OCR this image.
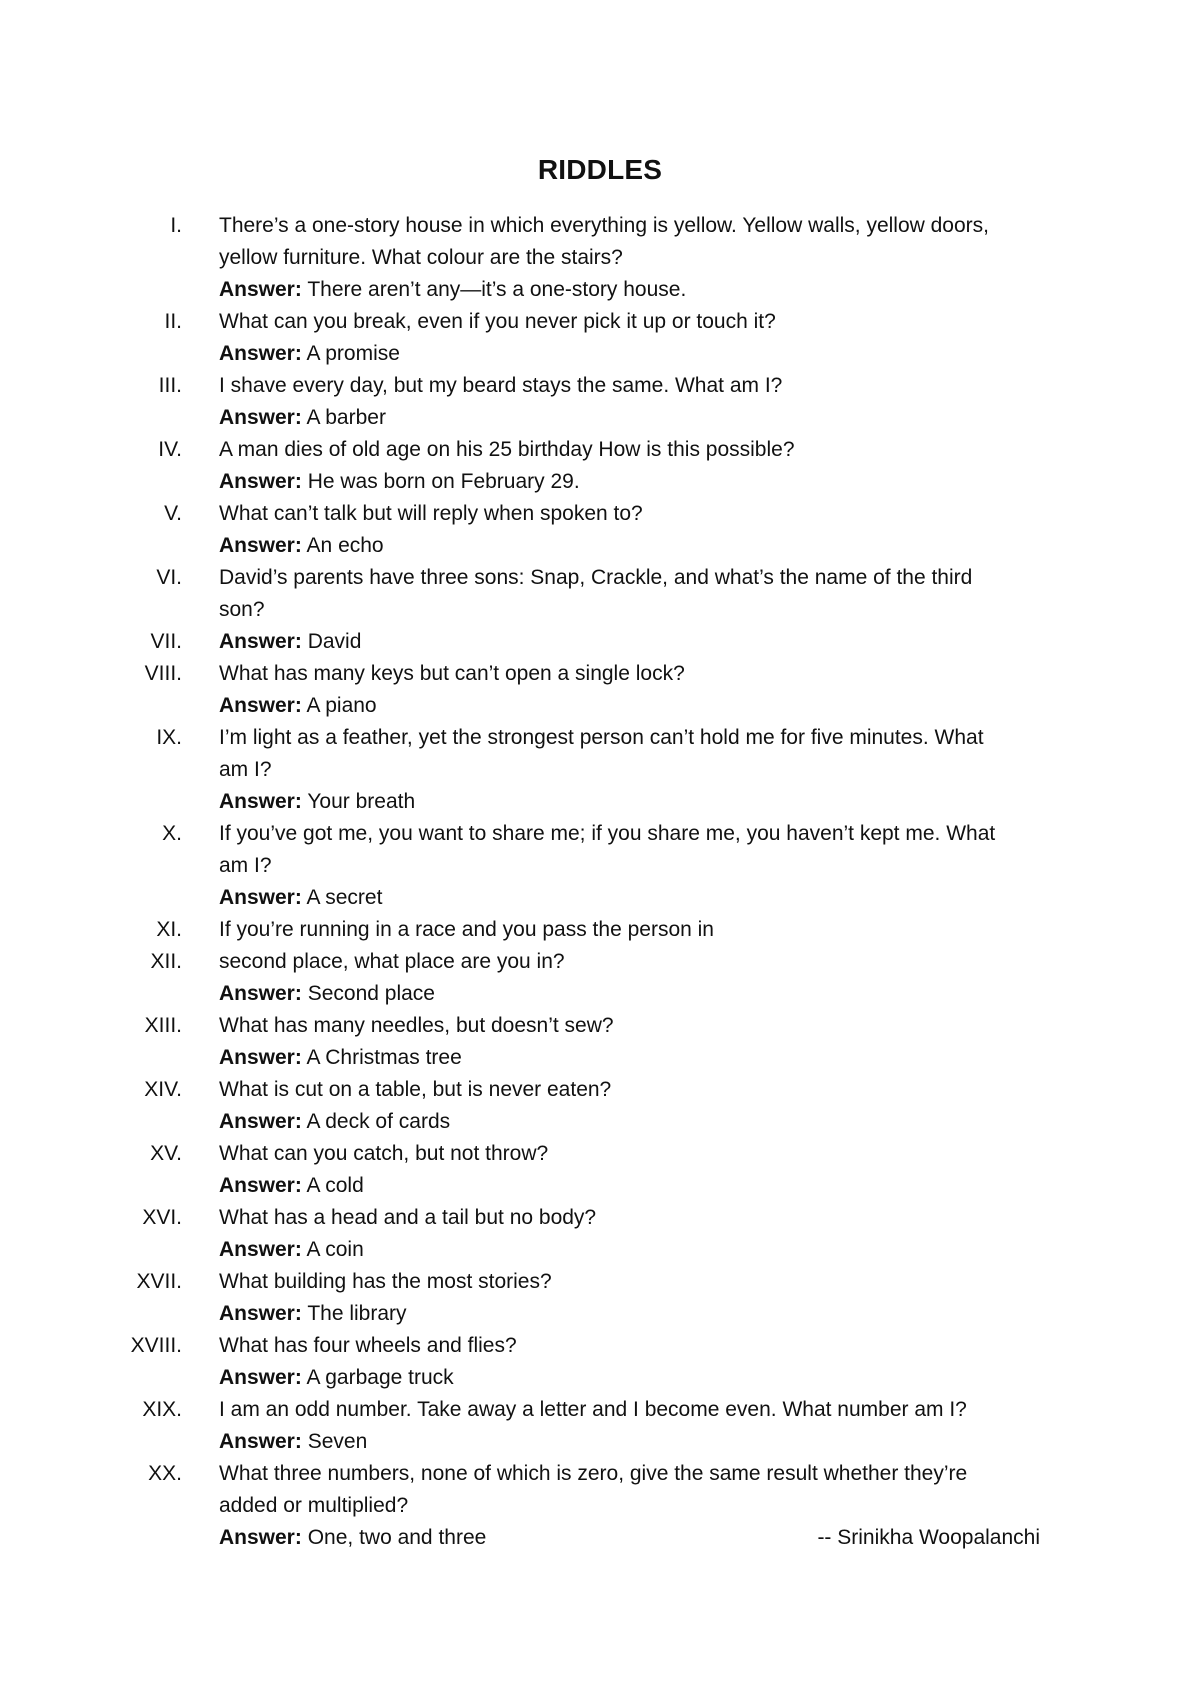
RIDDLES
I. There’s a one-story house in which everything is yellow. Yellow walls, yellow doors,
yellow furniture. What colour are the stairs?
Answer: There aren’t any—it’s a one-story house.
II. What can you break, even if you never pick it up or touch it?
Answer: A promise
III. I shave every day, but my beard stays the same. What am I?
Answer: A barber
IV. A man dies of old age on his 25 birthday How is this possible?
Answer: He was born on February 29.
V. What can’t talk but will reply when spoken to?
Answer: An echo
VI. David’s parents have three sons: Snap, Crackle, and what’s the name of the third
son?
VII. Answer: David
VIII. What has many keys but can’t open a single lock?
Answer: A piano
IX. I’m light as a feather, yet the strongest person can’t hold me for five minutes. What
am I?
Answer: Your breath
X. If you’ve got me, you want to share me; if you share me, you haven’t kept me. What
am I?
Answer: A secret
XI. If you’re running in a race and you pass the person in
XII. second place, what place are you in?
Answer: Second place
XIII. What has many needles, but doesn’t sew?
Answer: A Christmas tree
XIV. What is cut on a table, but is never eaten?
Answer: A deck of cards
XV. What can you catch, but not throw?
Answer: A cold
XVI. What has a head and a tail but no body?
Answer: A coin
XVII. What building has the most stories?
Answer: The library
XVIII. What has four wheels and flies?
Answer: A garbage truck
XIX. I am an odd number. Take away a letter and I become even. What number am I?
Answer: Seven
XX. What three numbers, none of which is zero, give the same result whether they’re
added or multiplied?
Answer: One, two and three	-- Srinikha Woopalanchi
